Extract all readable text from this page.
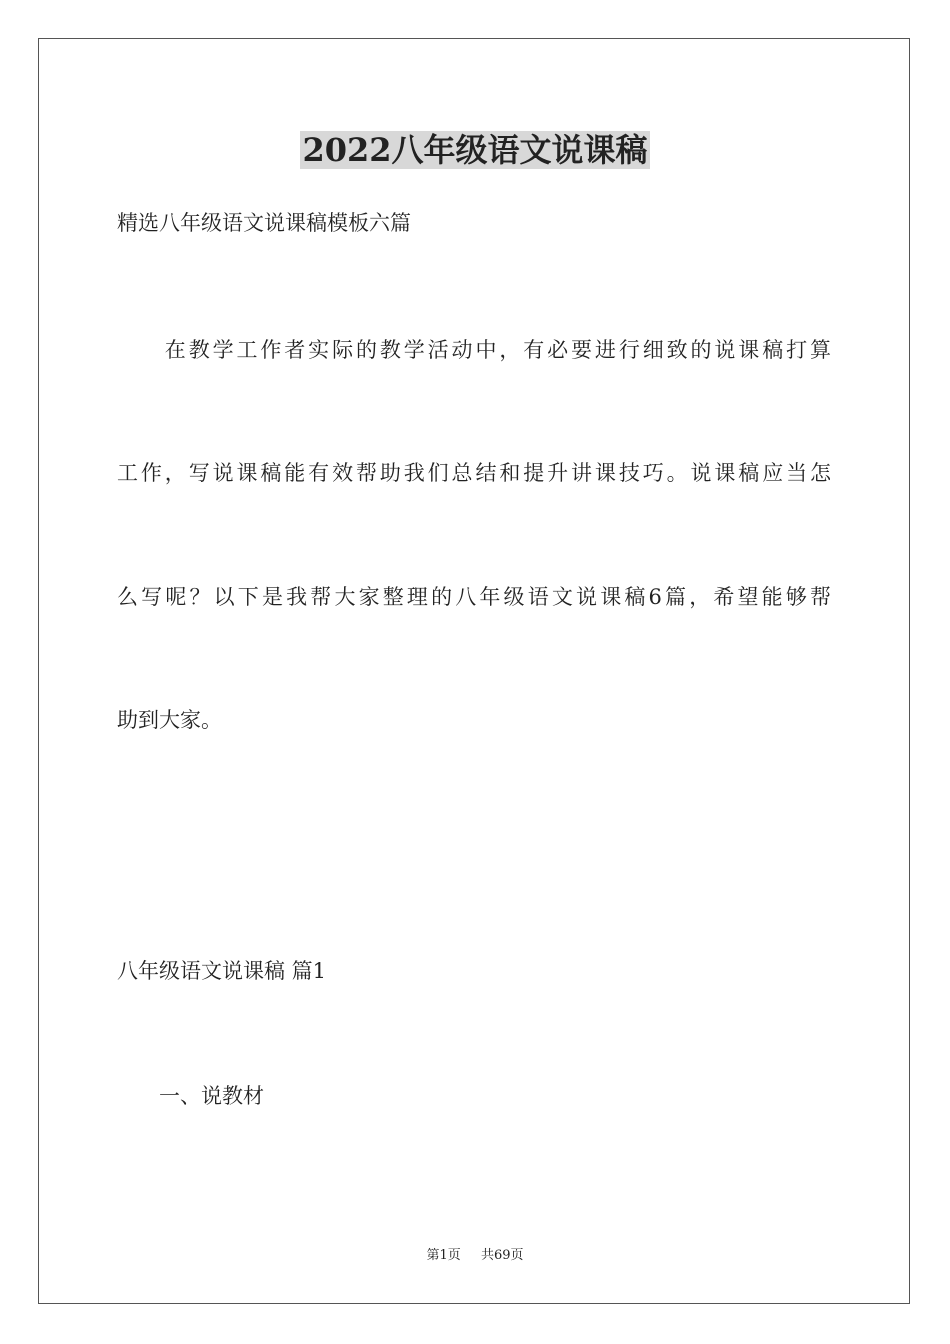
2022八年级语文说课稿
精选八年级语文说课稿模板六篇
　　在教学工作者实际的教学活动中，有必要进行细致的说课稿打算
工作，写说课稿能有效帮助我们总结和提升讲课技巧。说课稿应当怎
么写呢？以下是我帮大家整理的八年级语文说课稿6篇，希望能够帮
助到大家。
八年级语文说课稿 篇1
　　一、说教材
第1页 共69页
